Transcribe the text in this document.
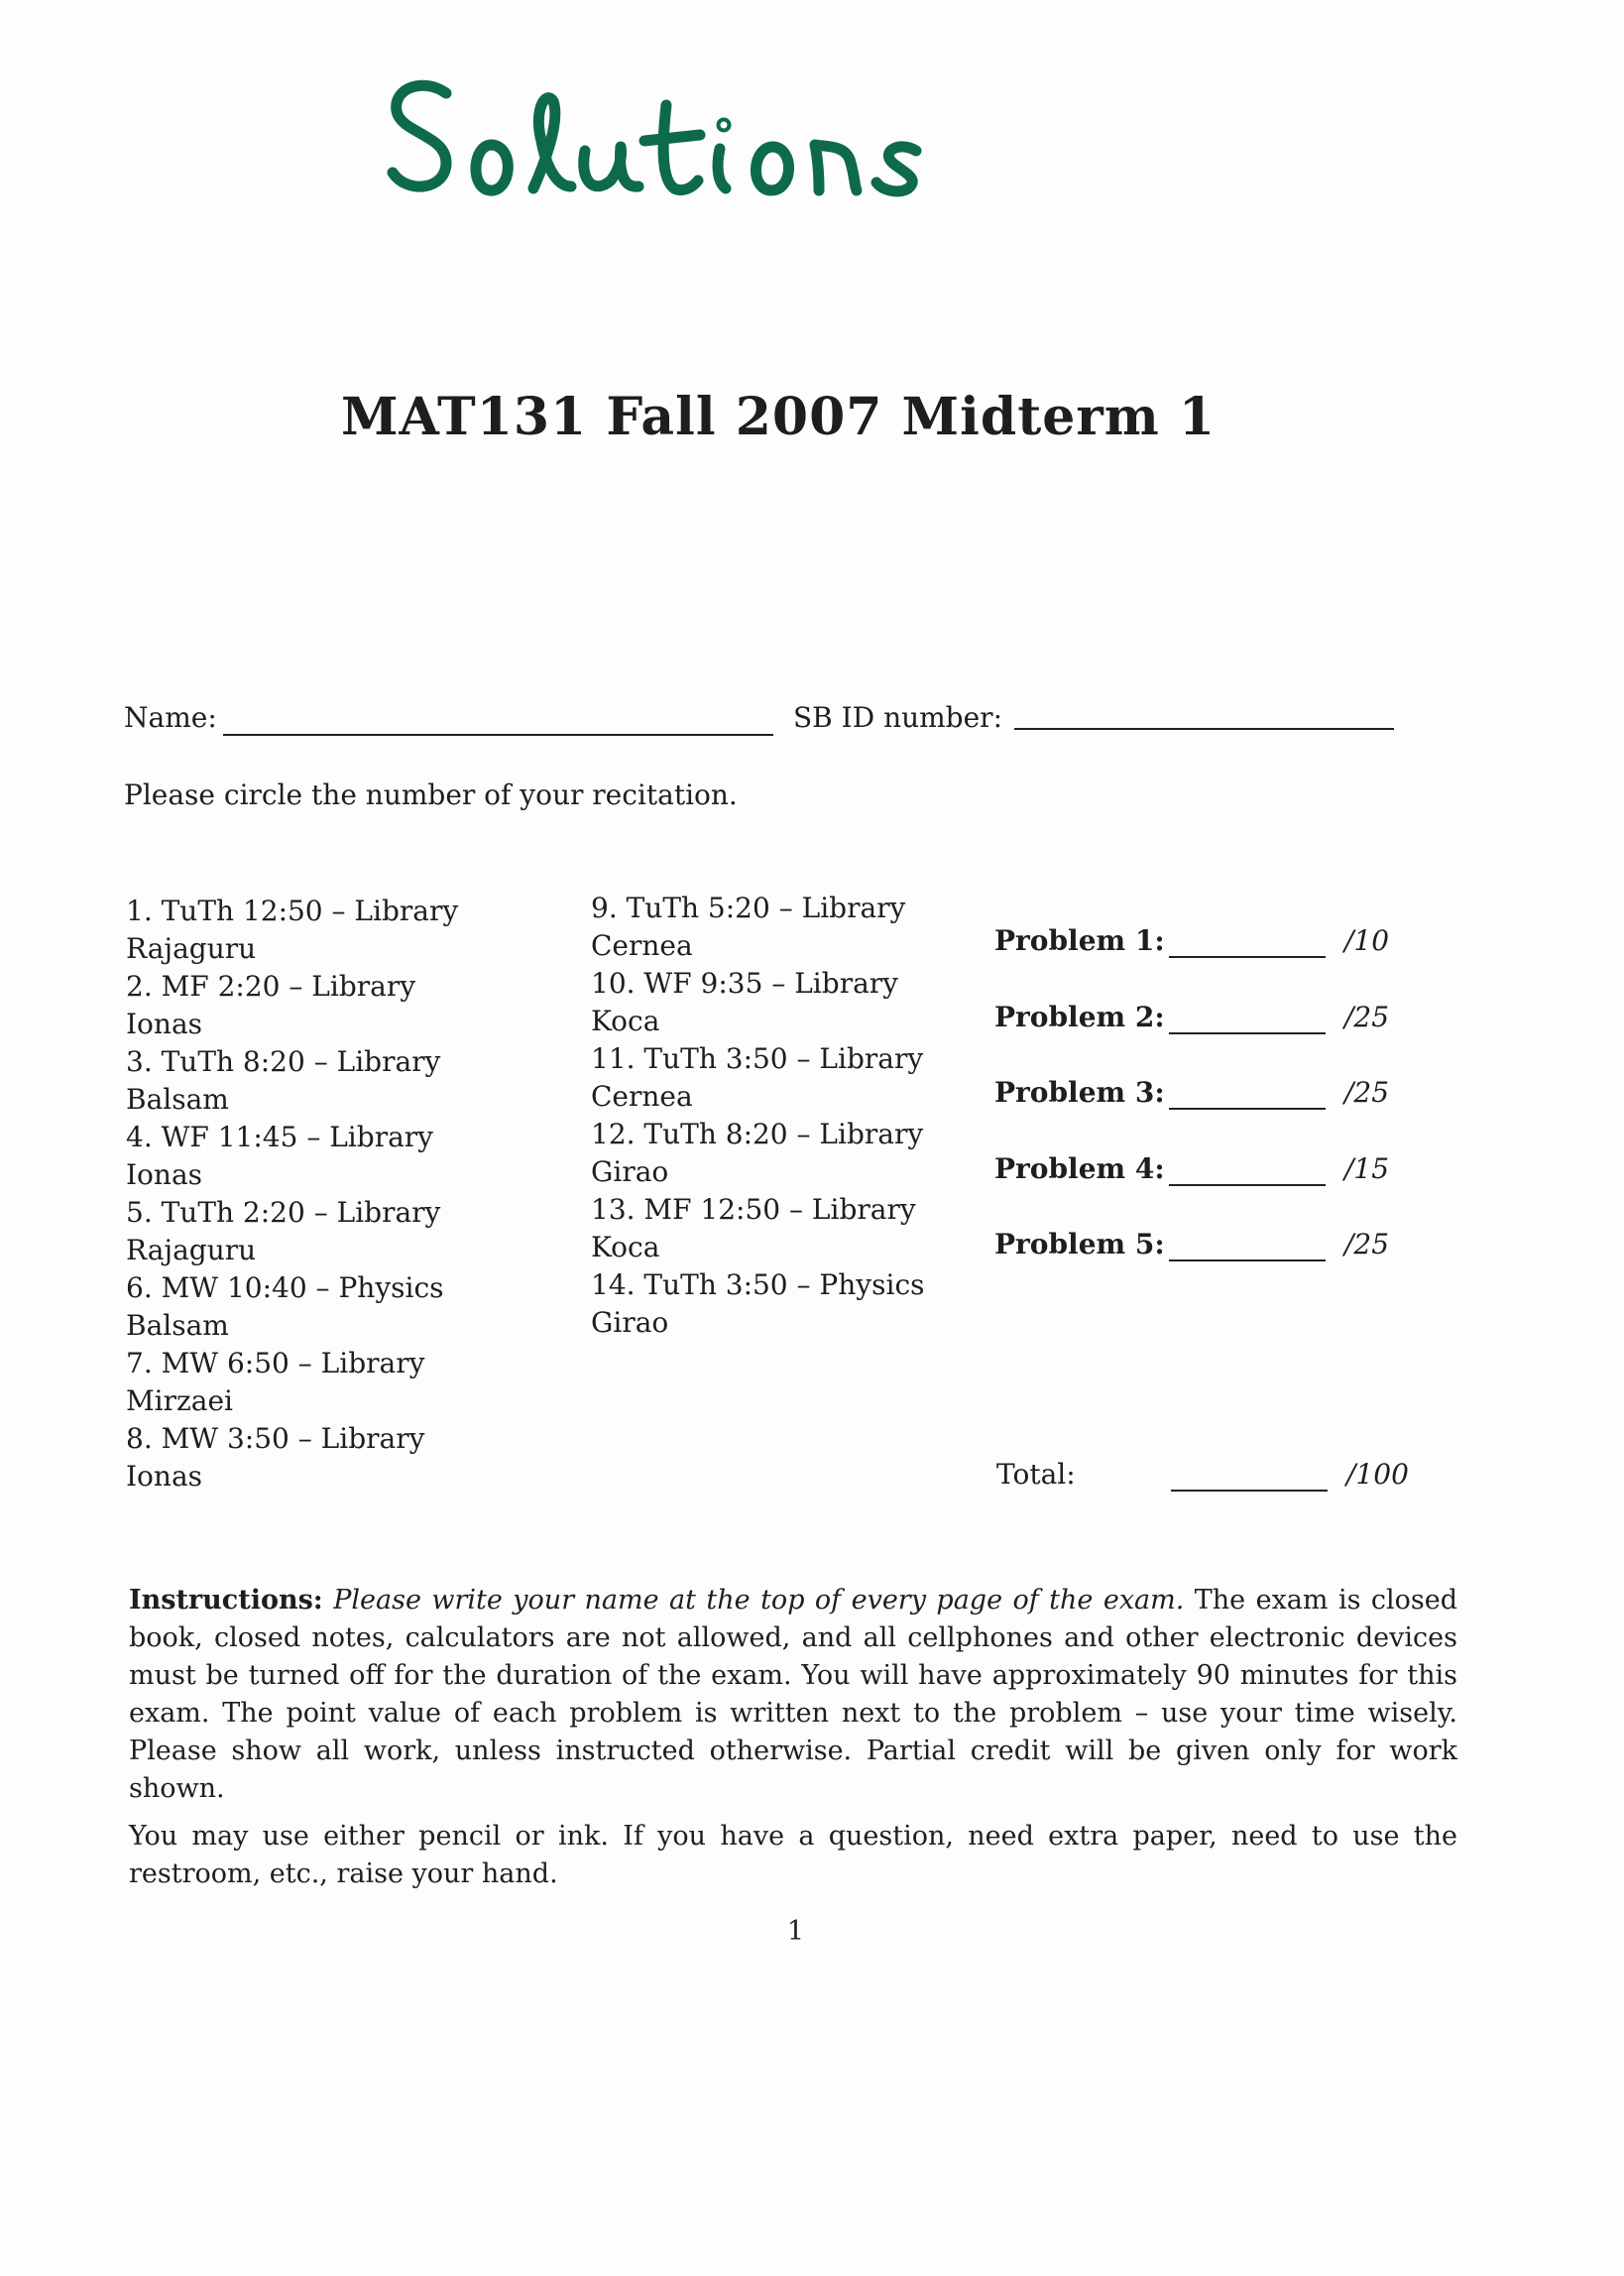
MAT131 Fall 2007 Midterm 1
Name:	SB ID number:
Please circle the number of your recitation.
1. TuTh 12:50 – Library
Rajaguru
2. MF 2:20 – Library
Ionas
3. TuTh 8:20 – Library
Balsam
4. WF 11:45 – Library
Ionas
5. TuTh 2:20 – Library
Rajaguru
6. MW 10:40 – Physics
Balsam
7. MW 6:50 – Library
Mirzaei
8. MW 3:50 – Library
Ionas
9. TuTh 5:20 – Library
Cernea
10. WF 9:35 – Library
Koca
11. TuTh 3:50 – Library
Cernea
12. TuTh 8:20 – Library
Girao
13. MF 12:50 – Library
Koca
14. TuTh 3:50 – Physics
Girao
Problem 1:	/10
Problem 2:	/25
Problem 3:	/25
Problem 4:	/15
Problem 5:	/25
Total:	/100

Instructions: Please write your name at the top of every page of the exam. The exam is closed book, closed notes, calculators are not allowed, and all cellphones and other electronic devices must be turned off for the duration of the exam. You will have approximately 90 minutes for this exam. The point value of each problem is written next to the problem – use your time wisely. Please show all work, unless instructed otherwise. Partial credit will be given only for work shown.

You may use either pencil or ink. If you have a question, need extra paper, need to use the restroom, etc., raise your hand.

1
